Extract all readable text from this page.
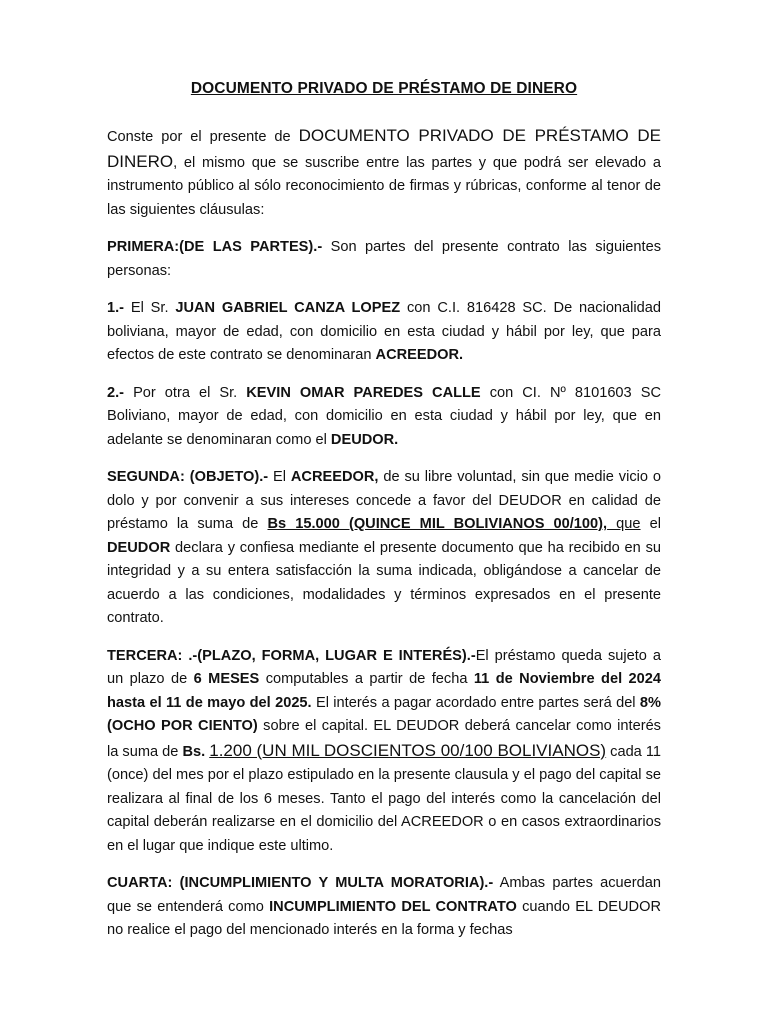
DOCUMENTO PRIVADO DE PRÉSTAMO DE DINERO

Conste por el presente de DOCUMENTO PRIVADO DE PRÉSTAMO DE DINERO, el mismo que se suscribe entre las partes y que podrá ser elevado a instrumento público al sólo reconocimiento de firmas y rúbricas, conforme al tenor de las siguientes cláusulas:

PRIMERA:(DE LAS PARTES).- Son partes del presente contrato las siguientes personas:

1.- El Sr. JUAN GABRIEL CANZA LOPEZ con C.I. 816428 SC. De nacionalidad boliviana, mayor de edad, con domicilio en esta ciudad y hábil por ley, que para efectos de este contrato se denominaran ACREEDOR.

2.- Por otra el Sr. KEVIN OMAR PAREDES CALLE con CI. Nº 8101603 SC Boliviano, mayor de edad, con domicilio en esta ciudad y hábil por ley, que en adelante se denominaran como el DEUDOR.

SEGUNDA: (OBJETO).- El ACREEDOR, de su libre voluntad, sin que medie vicio o dolo y por convenir a sus intereses concede a favor del DEUDOR en calidad de préstamo la suma de Bs 15.000 (QUINCE MIL BOLIVIANOS 00/100), que el DEUDOR declara y confiesa mediante el presente documento que ha recibido en su integridad y a su entera satisfacción la suma indicada, obligándose a cancelar de acuerdo a las condiciones, modalidades y términos expresados en el presente contrato.

TERCERA: .-(PLAZO, FORMA, LUGAR E INTERÉS).-El préstamo queda sujeto a un plazo de 6 MESES computables a partir de fecha 11 de Noviembre del 2024 hasta el 11 de mayo del 2025. El interés a pagar acordado entre partes será del 8% (OCHO POR CIENTO) sobre el capital. EL DEUDOR deberá cancelar como interés la suma de Bs. 1.200 (UN MIL DOSCIENTOS 00/100 BOLIVIANOS) cada 11 (once) del mes por el plazo estipulado en la presente clausula y el pago del capital se realizara al final de los 6 meses. Tanto el pago del interés como la cancelación del capital deberán realizarse en el domicilio del ACREEDOR o en casos extraordinarios en el lugar que indique este ultimo.

CUARTA: (INCUMPLIMIENTO Y MULTA MORATORIA).- Ambas partes acuerdan que se entenderá como INCUMPLIMIENTO DEL CONTRATO cuando EL DEUDOR no realice el pago del mencionado interés en la forma y fechas
